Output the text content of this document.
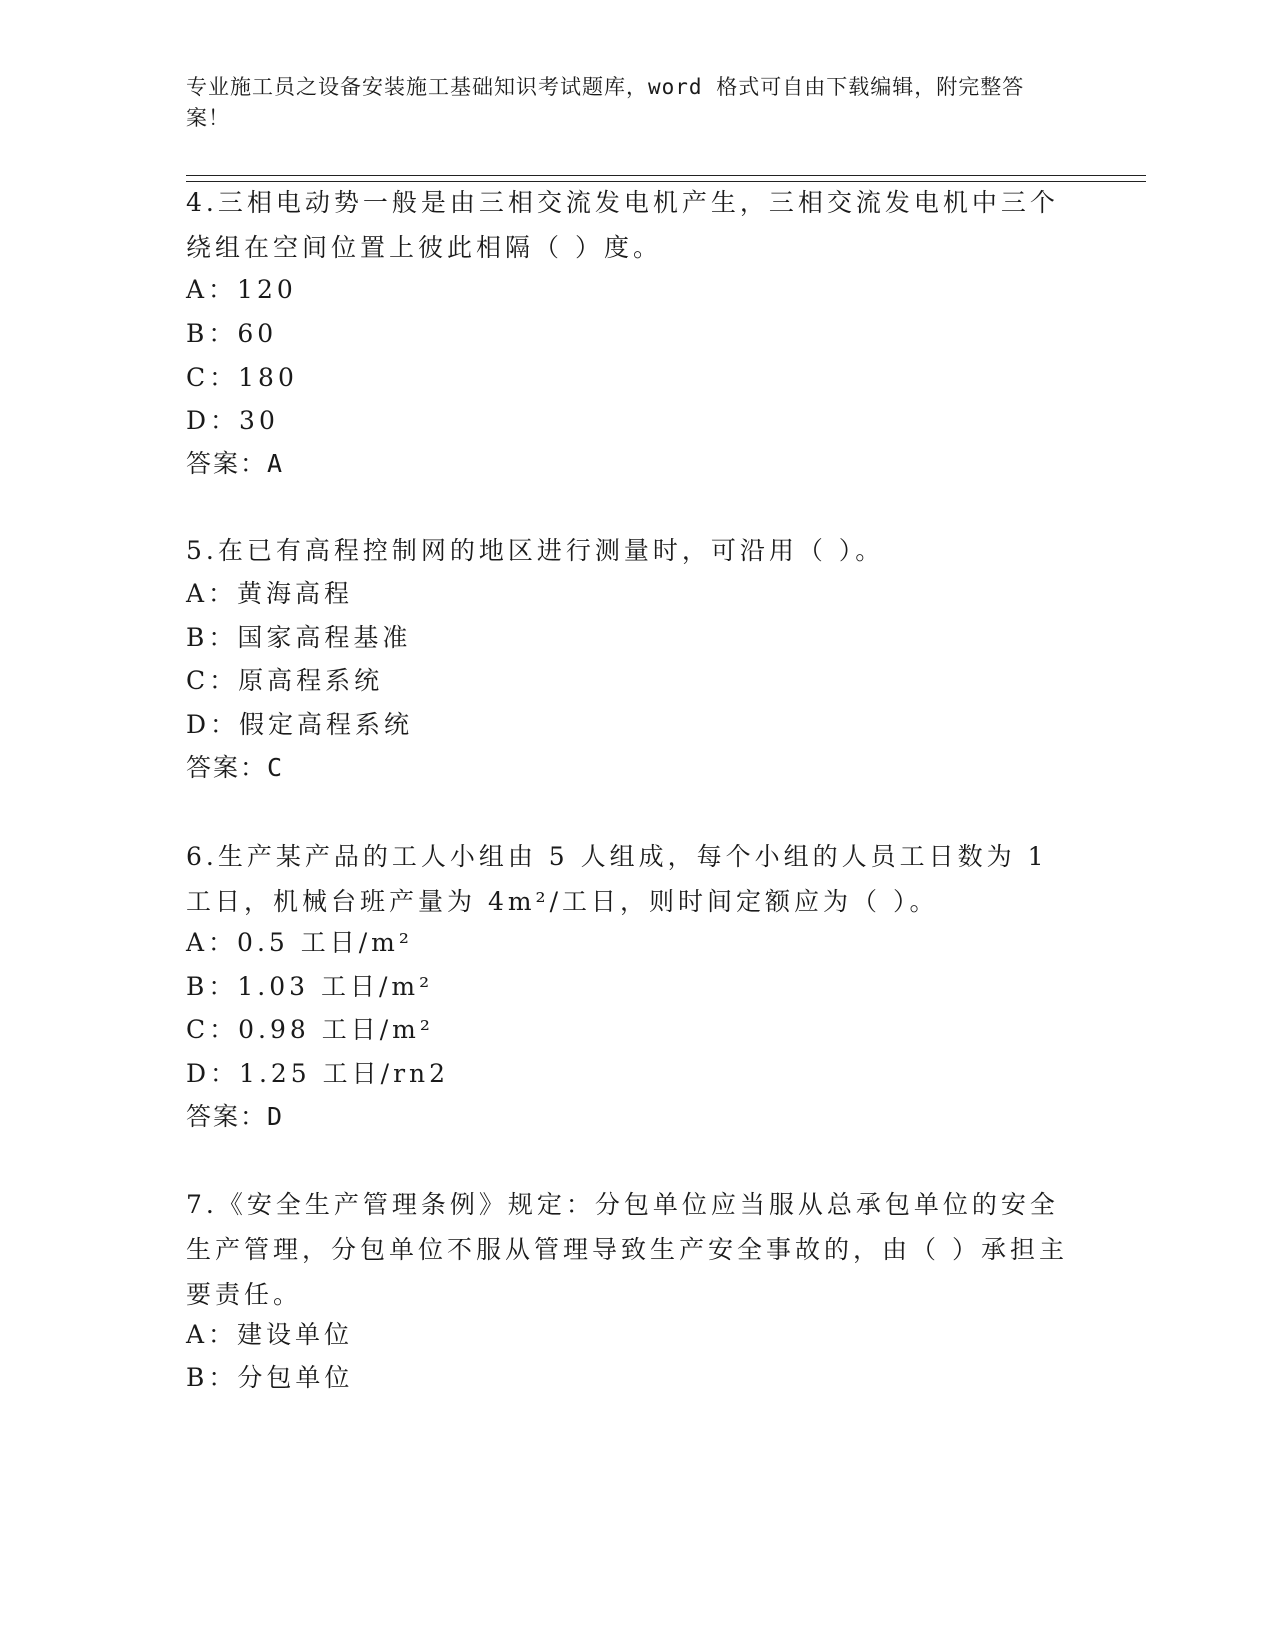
专业施工员之设备安装施工基础知识考试题库，word 格式可自由下载编辑，附完整答案！
4.三相电动势一般是由三相交流发电机产生，三相交流发电机中三个绕组在空间位置上彼此相隔（ ）度。
A：120
B：60
C：180
D：30
答案：A
5.在已有高程控制网的地区进行测量时，可沿用（ ）。
A：黄海高程
B：国家高程基准
C：原高程系统
D：假定高程系统
答案：C
6.生产某产品的工人小组由 5 人组成，每个小组的人员工日数为 1 工日，机械台班产量为 4m²/工日，则时间定额应为（ ）。
A：0.5 工日/m²
B：1.03 工日/m²
C：0.98 工日/m²
D：1.25 工日/rn2
答案：D
7.《安全生产管理条例》规定：分包单位应当服从总承包单位的安全生产管理，分包单位不服从管理导致生产安全事故的，由（ ）承担主要责任。
A：建设单位
B：分包单位
